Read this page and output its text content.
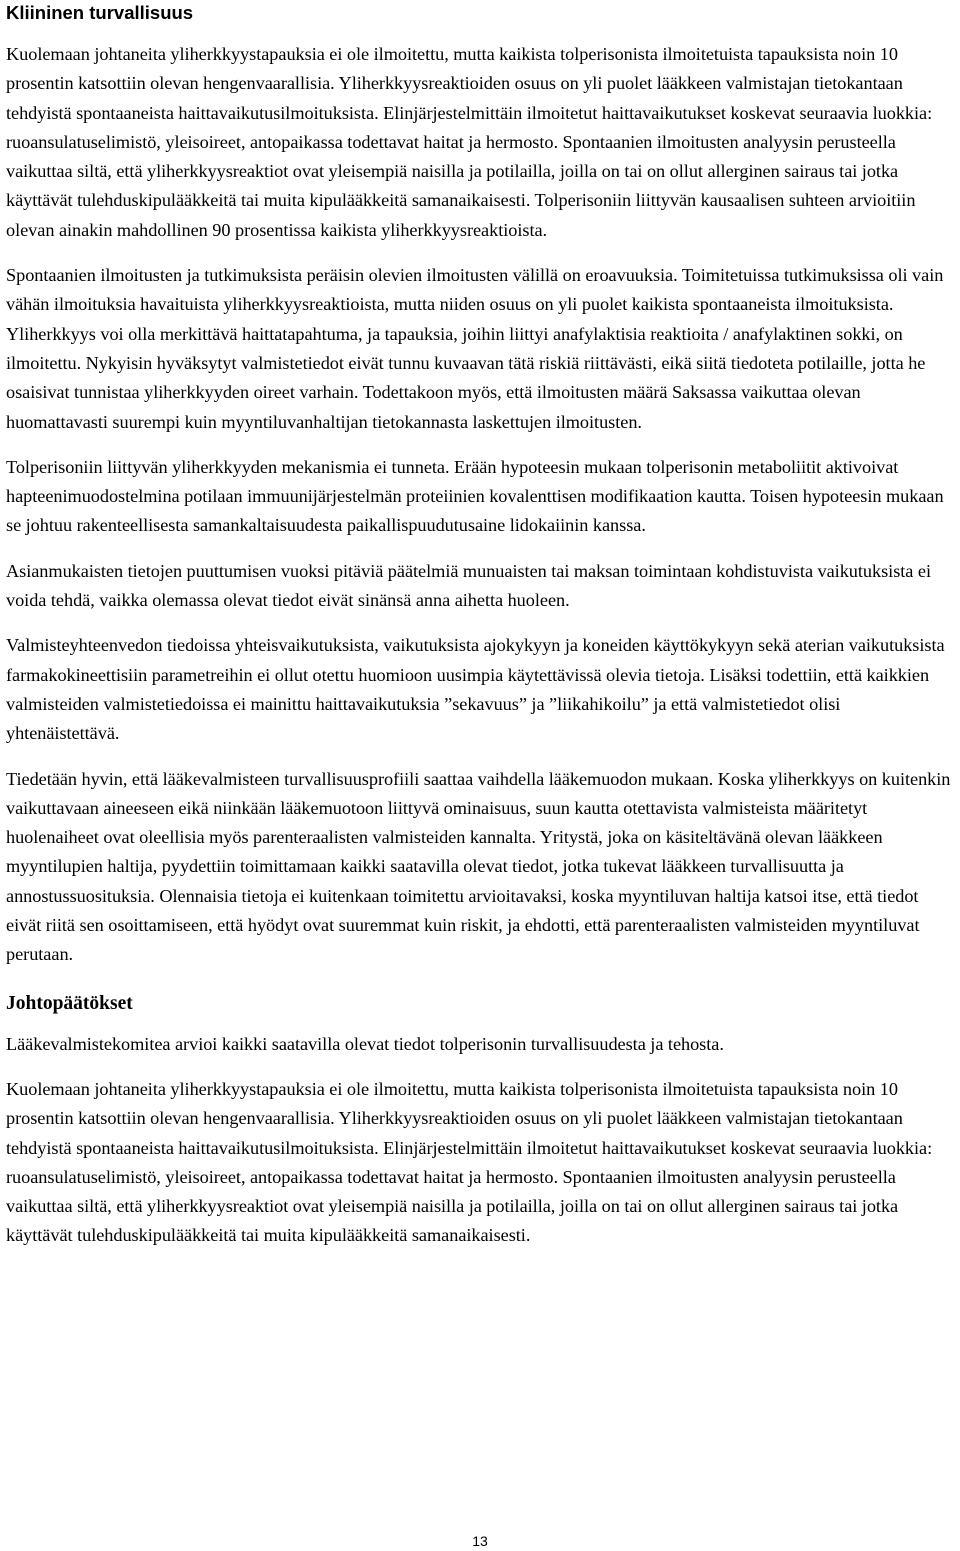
Kliininen turvallisuus

Kuolemaan johtaneita yliherkkyystapauksia ei ole ilmoitettu, mutta kaikista tolperisonista ilmoitetuista tapauksista noin 10 prosentin katsottiin olevan hengenvaarallisia. Yliherkkyysreaktioiden osuus on yli puolet lääkkeen valmistajan tietokantaan tehdyistä spontaaneista haittavaikutusilmoituksista. Elinjärjestelmittäin ilmoitetut haittavaikutukset koskevat seuraavia luokkia: ruoansulatuselimistö, yleisoireet, antopaikassa todettavat haitat ja hermosto. Spontaanien ilmoitusten analyysin perusteella vaikuttaa siltä, että yliherkkyysreaktiot ovat yleisempiä naisilla ja potilailla, joilla on tai on ollut allerginen sairaus tai jotka käyttävät tulehduskipulääkkeitä tai muita kipulääkkeitä samanaikaisesti. Tolperisoniin liittyvän kausaalisen suhteen arvioitiin olevan ainakin mahdollinen 90 prosentissa kaikista yliherkkyysreaktioista.

Spontaanien ilmoitusten ja tutkimuksista peräisin olevien ilmoitusten välillä on eroavuuksia. Toimitetuissa tutkimuksissa oli vain vähän ilmoituksia havaituista yliherkkyysreaktioista, mutta niiden osuus on yli puolet kaikista spontaaneista ilmoituksista. Yliherkkyys voi olla merkittävä haittatapahtuma, ja tapauksia, joihin liittyi anafylaktisia reaktioita / anafylaktinen sokki, on ilmoitettu. Nykyisin hyväksytyt valmistetiedot eivät tunnu kuvaavan tätä riskiä riittävästi, eikä siitä tiedoteta potilaille, jotta he osaisivat tunnistaa yliherkkyyden oireet varhain. Todettakoon myös, että ilmoitusten määrä Saksassa vaikuttaa olevan huomattavasti suurempi kuin myyntiluvanhaltijan tietokannasta laskettujen ilmoitusten.

Tolperisoniin liittyvän yliherkkyyden mekanismia ei tunneta. Erään hypoteesin mukaan tolperisonin metaboliitit aktivoivat hapteenimuodostelmina potilaan immuunijärjestelmän proteiinien kovalenttisen modifikaation kautta. Toisen hypoteesin mukaan se johtuu rakenteellisesta samankaltaisuudesta paikallispuudutusaine lidokaiinin kanssa.

Asianmukaisten tietojen puuttumisen vuoksi pitäviä päätelmiä munuaisten tai maksan toimintaan kohdistuvista vaikutuksista ei voida tehdä, vaikka olemassa olevat tiedot eivät sinänsä anna aihetta huoleen.

Valmisteyhteenvedon tiedoissa yhteisvaikutuksista, vaikutuksista ajokykyyn ja koneiden käyttökykyyn sekä aterian vaikutuksista farmakokineettisiin parametreihin ei ollut otettu huomioon uusimpia käytettävissä olevia tietoja. Lisäksi todettiin, että kaikkien valmisteiden valmistetiedoissa ei mainittu haittavaikutuksia ”sekavuus” ja ”liikahikoilu” ja että valmistetiedot olisi yhtenäistettävä.

Tiedetään hyvin, että lääkevalmisteen turvallisuusprofiili saattaa vaihdella lääkemuodon mukaan. Koska yliherkkyys on kuitenkin vaikuttavaan aineeseen eikä niinkään lääkemuotoon liittyvä ominaisuus, suun kautta otettavista valmisteista määritetyt huolenaiheet ovat oleellisia myös parenteraalisten valmisteiden kannalta. Yritystä, joka on käsiteltävänä olevan lääkkeen myyntilupien haltija, pyydettiin toimittamaan kaikki saatavilla olevat tiedot, jotka tukevat lääkkeen turvallisuutta ja annostussuosituksia. Olennaisia tietoja ei kuitenkaan toimitettu arvioitavaksi, koska myyntiluvan haltija katsoi itse, että tiedot eivät riitä sen osoittamiseen, että hyödyt ovat suuremmat kuin riskit, ja ehdotti, että parenteraalisten valmisteiden myyntiluvat perutaan.

Johtopäätökset

Lääkevalmistekomitea arvioi kaikki saatavilla olevat tiedot tolperisonin turvallisuudesta ja tehosta.

Kuolemaan johtaneita yliherkkyystapauksia ei ole ilmoitettu, mutta kaikista tolperisonista ilmoitetuista tapauksista noin 10 prosentin katsottiin olevan hengenvaarallisia. Yliherkkyysreaktioiden osuus on yli puolet lääkkeen valmistajan tietokantaan tehdyistä spontaaneista haittavaikutusilmoituksista. Elinjärjestelmittäin ilmoitetut haittavaikutukset koskevat seuraavia luokkia: ruoansulatuselimistö, yleisoireet, antopaikassa todettavat haitat ja hermosto. Spontaanien ilmoitusten analyysin perusteella vaikuttaa siltä, että yliherkkyysreaktiot ovat yleisempiä naisilla ja potilailla, joilla on tai on ollut allerginen sairaus tai jotka käyttävät tulehduskipulääkkeitä tai muita kipulääkkeitä samanaikaisesti.

13
